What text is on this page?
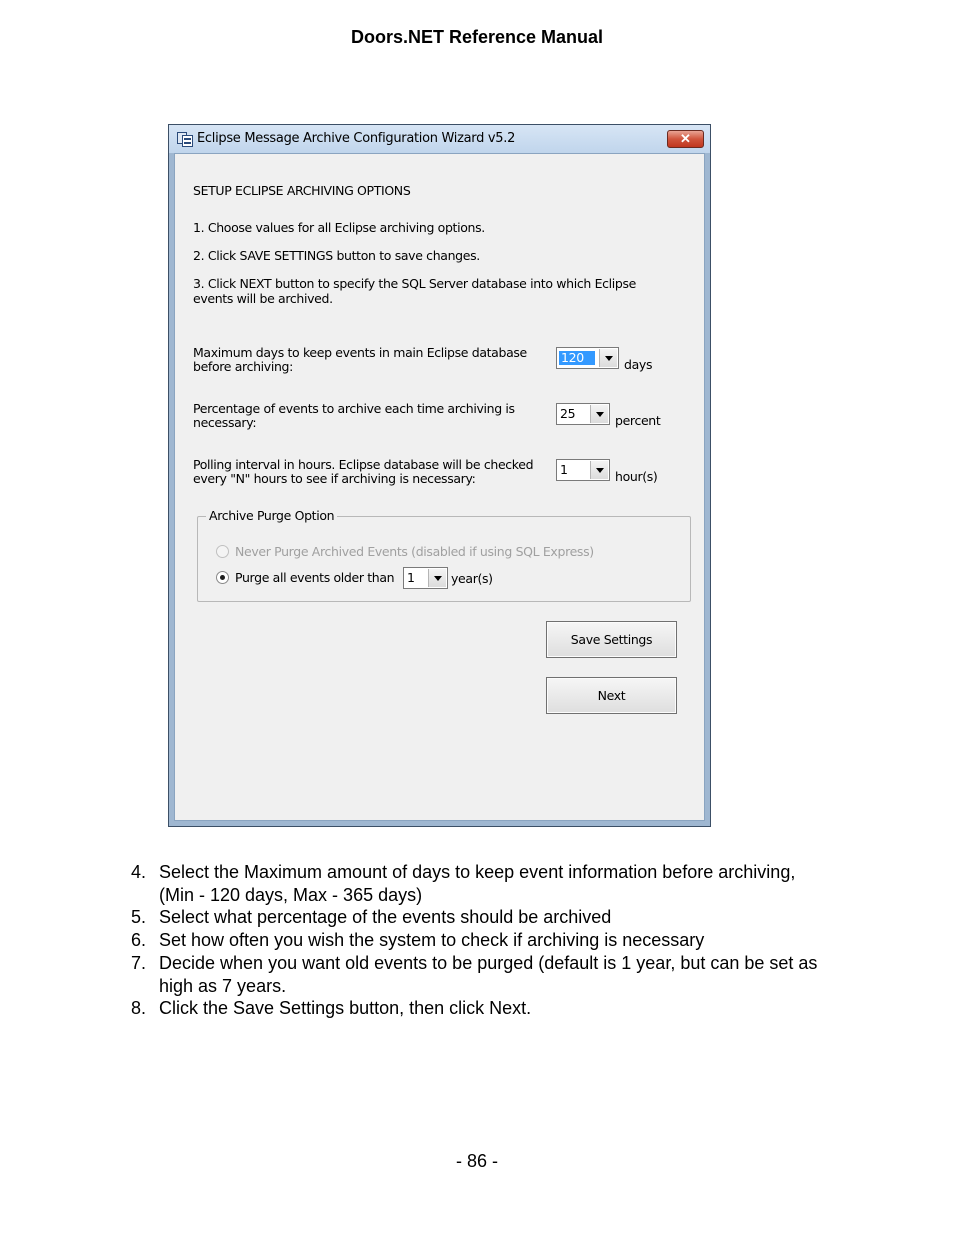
Doors.NET Reference Manual
Eclipse Message Archive Configuration Wizard v5.2	✕
SETUP ECLIPSE ARCHIVING OPTIONS
1. Choose values for all Eclipse archiving options.
2. Click SAVE SETTINGS button to save changes.
3. Click NEXT button to specify the SQL Server database into which Eclipse
events will be archived.
Maximum days to keep events in main Eclipse database
before archiving:
120	days
Percentage of events to archive each time archiving is
necessary:
25	percent
Polling interval in hours. Eclipse database will be checked
every "N" hours to see if archiving is necessary:
1	hour(s)
Archive Purge Option
Never Purge Archived Events (disabled if using SQL Express)
Purge all events older than 1	year(s)
Save Settings
Next
4. Select the Maximum amount of days to keep event information before archiving,
(Min - 120 days, Max - 365 days)
5. Select what percentage of the events should be archived
6. Set how often you wish the system to check if archiving is necessary
7. Decide when you want old events to be purged (default is 1 year, but can be set as
high as 7 years.
8. Click the Save Settings button, then click Next.
- 86 -
